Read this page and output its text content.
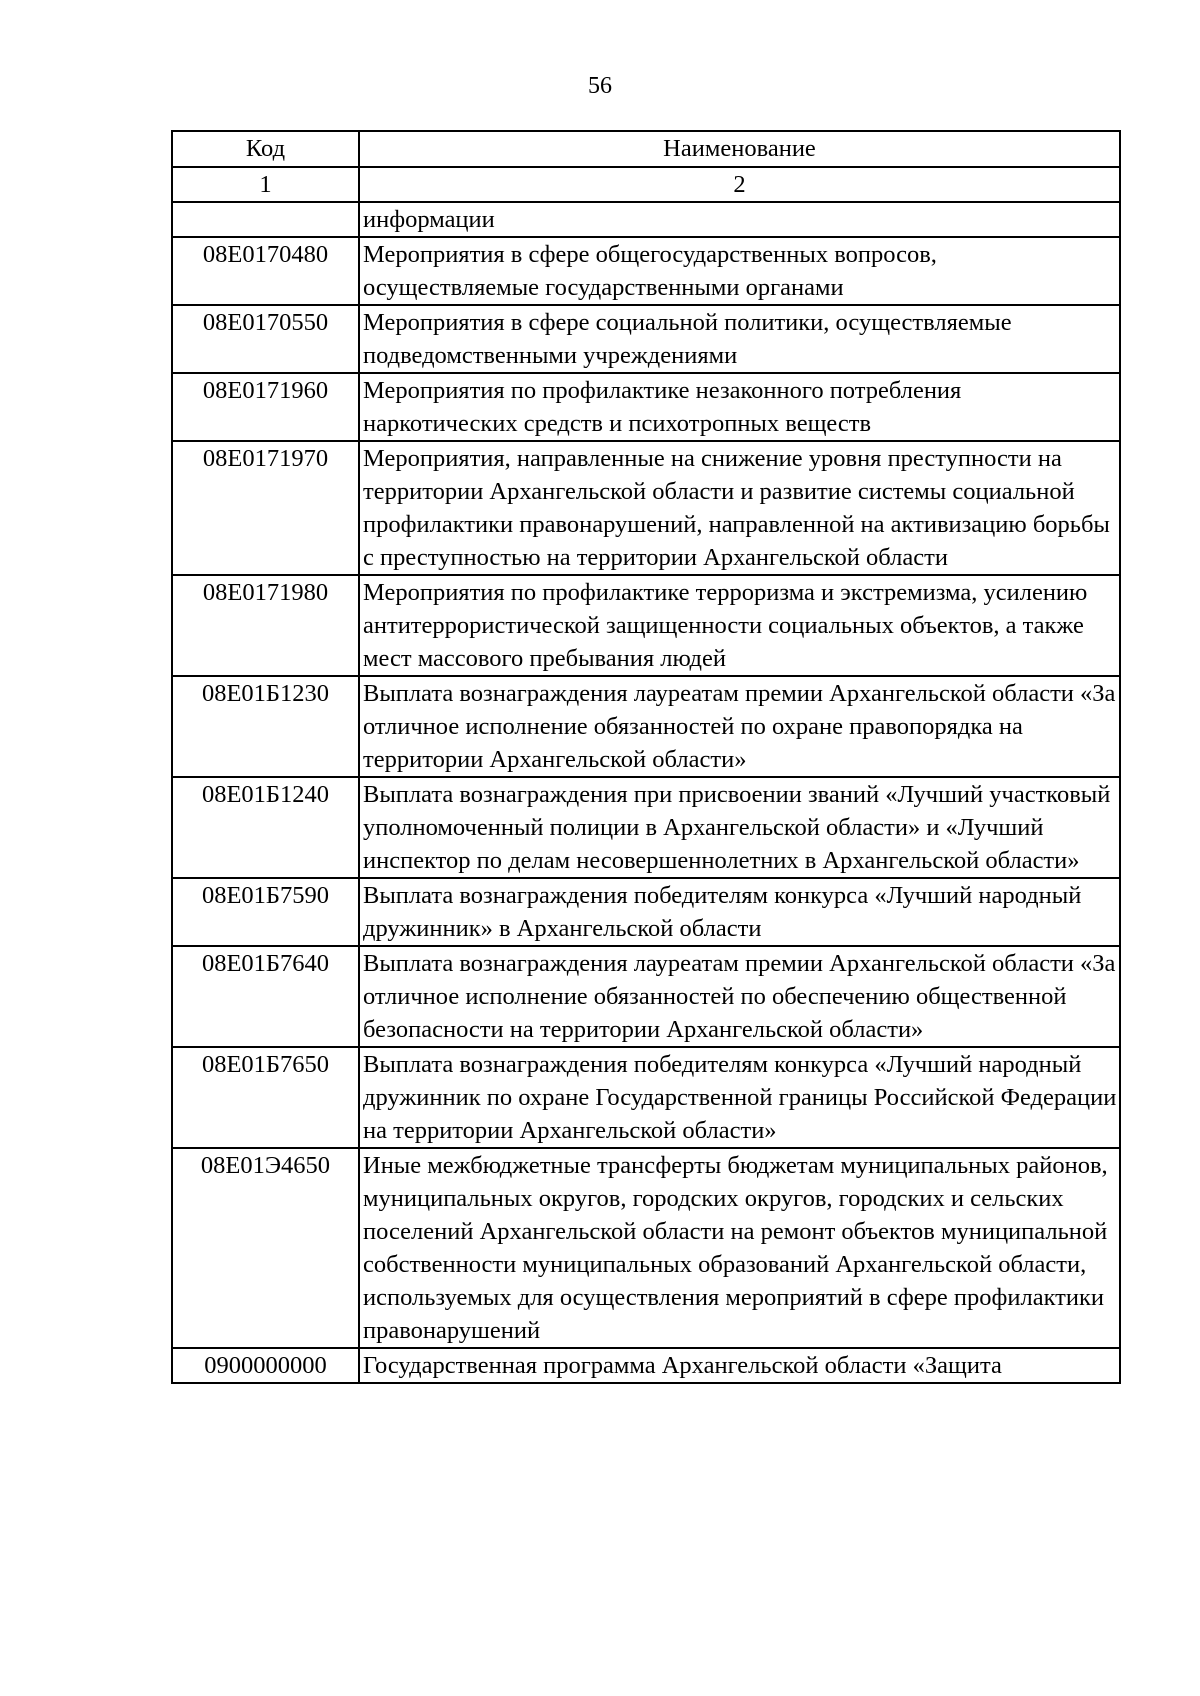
56
Код	Наименование
1	2
	информации
08Е0170480	Мероприятия в сфере общегосударственных вопросов, осуществляемые государственными органами
08Е0170550	Мероприятия в сфере социальной политики, осуществляемые подведомственными учреждениями
08Е0171960	Мероприятия по профилактике незаконного потребления наркотических средств и психотропных веществ
08Е0171970	Мероприятия, направленные на снижение уровня преступности на территории Архангельской области и развитие системы социальной профилактики правонарушений, направленной на активизацию борьбы с преступностью на территории Архангельской области
08Е0171980	Мероприятия по профилактике терроризма и экстремизма, усилению антитеррористической защищенности социальных объектов, а также мест массового пребывания людей
08Е01Б1230	Выплата вознаграждения лауреатам премии Архангельской области «За отличное исполнение обязанностей по охране правопорядка на территории Архангельской области»
08Е01Б1240	Выплата вознаграждения при присвоении званий «Лучший участковый уполномоченный полиции в Архангельской области» и «Лучший инспектор по делам несовершеннолетних в Архангельской области»
08Е01Б7590	Выплата вознаграждения победителям конкурса «Лучший народный дружинник» в Архангельской области
08Е01Б7640	Выплата вознаграждения лауреатам премии Архангельской области «За отличное исполнение обязанностей по обеспечению общественной безопасности на территории Архангельской области»
08Е01Б7650	Выплата вознаграждения победителям конкурса «Лучший народный дружинник по охране Государственной границы Российской Федерации на территории Архангельской области»
08Е01Э4650	Иные межбюджетные трансферты бюджетам муниципальных районов, муниципальных округов, городских округов, городских и сельских поселений Архангельской области на ремонт объектов муниципальной собственности муниципальных образований Архангельской области, используемых для осуществления мероприятий в сфере профилактики правонарушений
0900000000	Государственная программа Архангельской области «Защита
